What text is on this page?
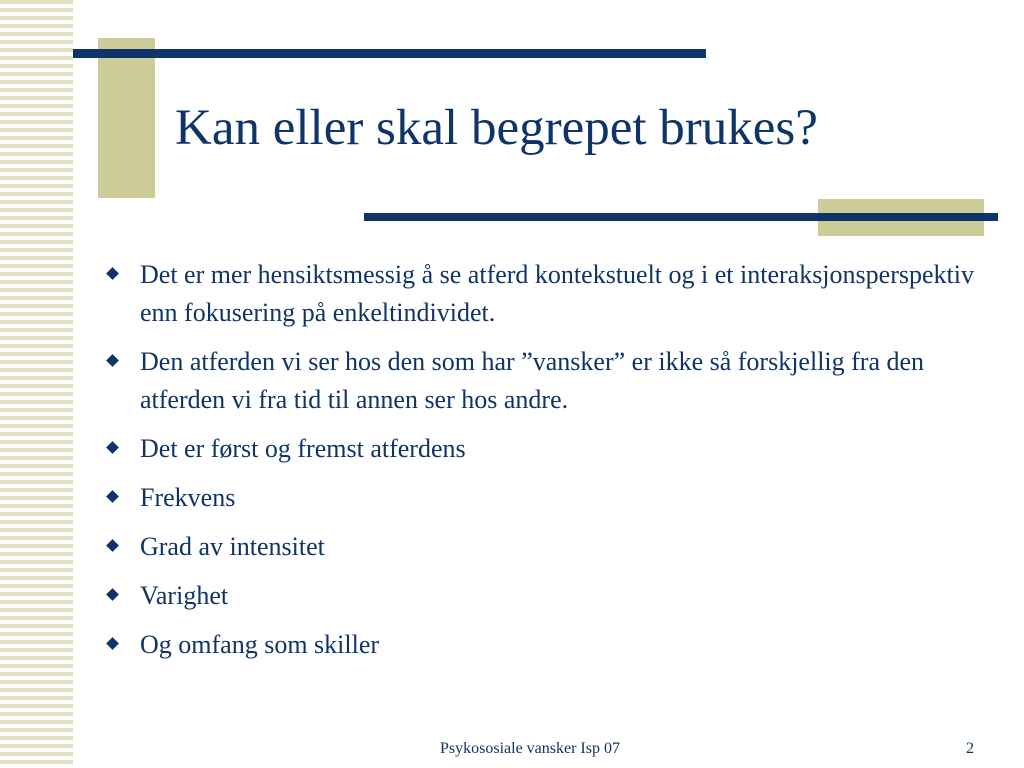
Kan eller skal begrepet brukes?
Det er mer hensiktsmessig å se atferd kontekstuelt og i et interaksjonsperspektiv enn fokusering på enkeltindividet.
Den atferden vi ser hos den som har ”vansker” er ikke så forskjellig fra den atferden vi fra tid til annen ser hos andre.
Det er først og fremst atferdens
Frekvens
Grad av intensitet
Varighet
Og omfang som skiller
Psykososiale vansker Isp 07	2
